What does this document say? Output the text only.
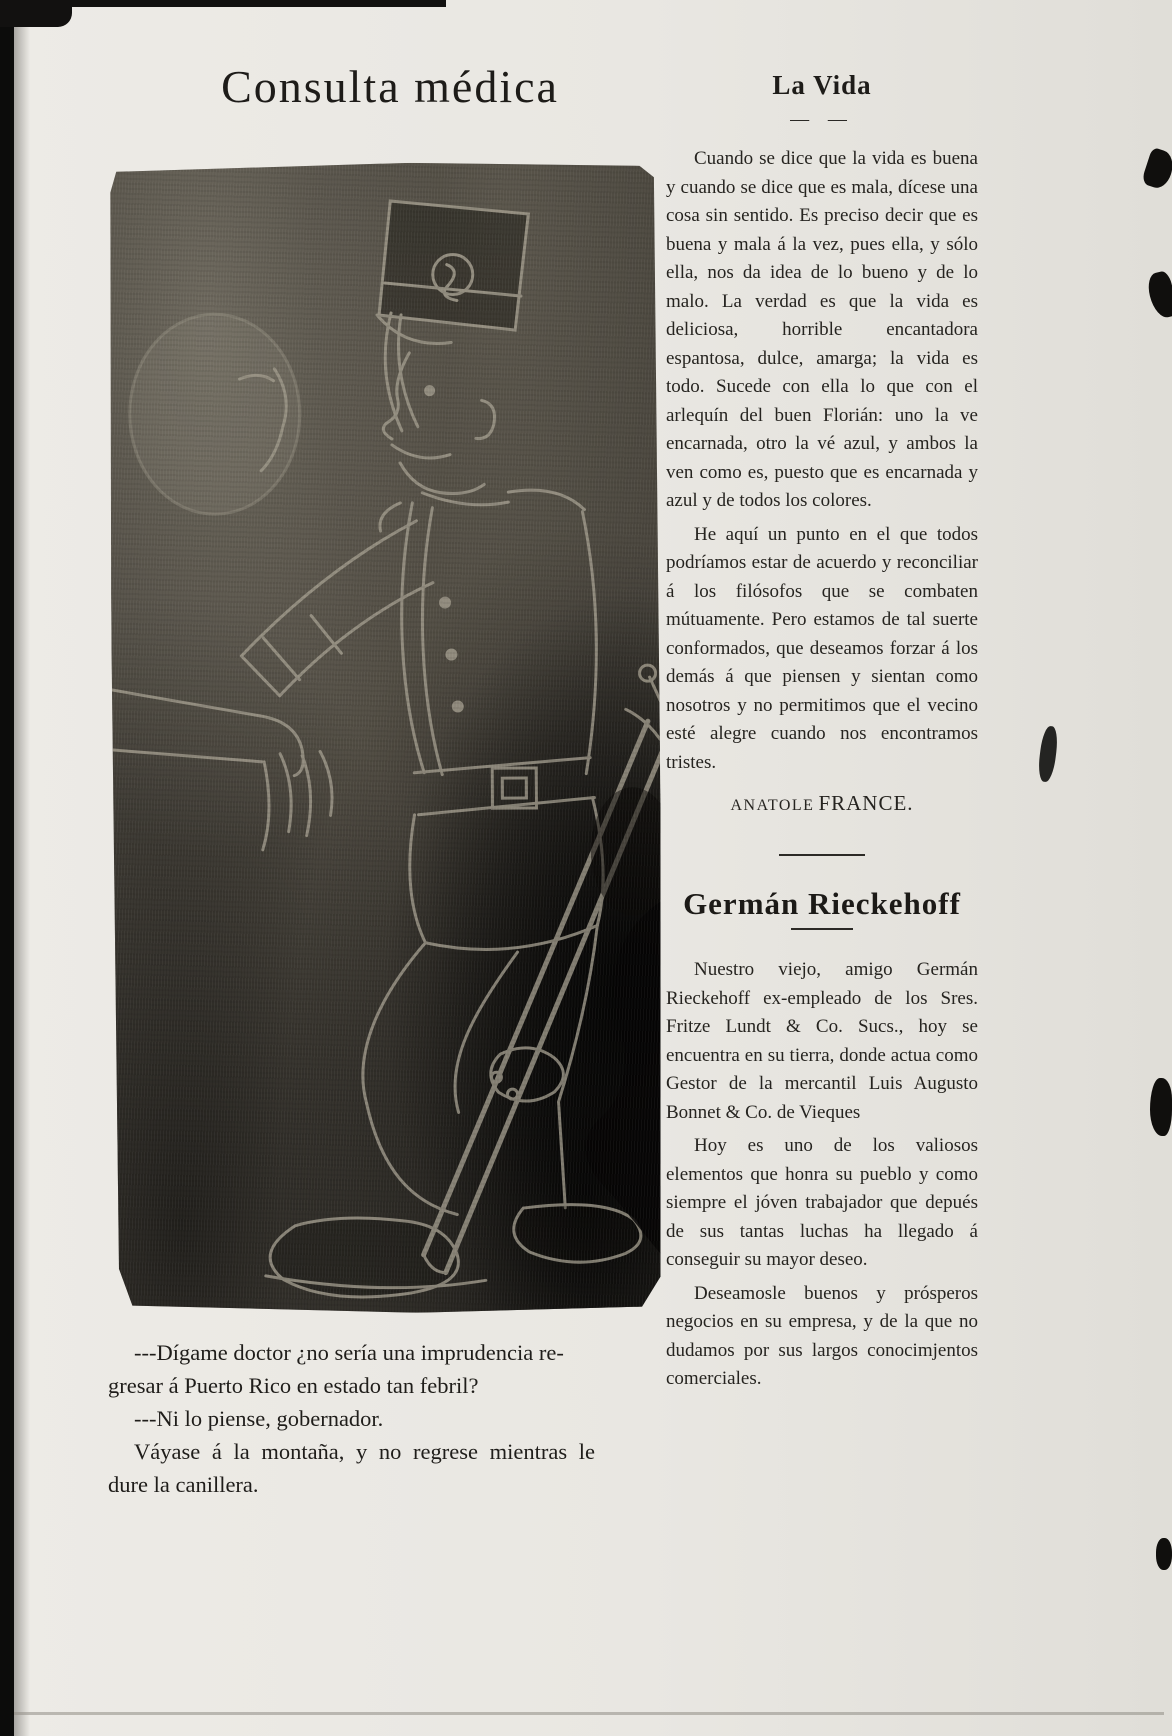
Consulta médica
---Dígame doctor ¿no sería una imprudencia re-
gresar á Puerto Rico en estado tan febril?
---Ni lo piense, gobernador.
Váyase á la montaña, y no regrese mientras le
dure la canillera.
La Vida
— —

Cuando se dice que la vida es buena y cuando se dice que es mala, dícese una cosa sin sentido. Es preciso decir que es buena y mala á la vez, pues ella, y sólo ella, nos da idea de lo bueno y de lo malo. La verdad es que la vida es deliciosa, horrible encantadora espantosa, dulce, amarga; la vida es todo. Sucede con ella lo que con el arlequín del buen Florián: uno la ve encarnada, otro la vé azul, y ambos la ven como es, puesto que es encarnada y azul y de todos los colores.

He aquí un punto en el que todos podríamos estar de acuerdo y reconciliar á los filósofos que se combaten mútuamente. Pero estamos de tal suerte conformados, que deseamos forzar á los demás á que piensen y sientan como nosotros y no permitimos que el vecino esté alegre cuando nos encontramos tristes.

ANATOLE FRANCE.
Germán Rieckehoff

Nuestro viejo, amigo Germán Rieckehoff ex-empleado de los Sres. Fritze Lundt & Co. Sucs., hoy se encuentra en su tierra, donde actua como Gestor de la mercantil Luis Augusto Bonnet & Co. de Vieques

Hoy es uno de los valiosos elementos que honra su pueblo y como siempre el jóven trabajador que depués de sus tantas luchas ha llegado á conseguir su mayor deseo.

Deseamosle buenos y prósperos negocios en su empresa, y de la que no dudamos por sus largos conocimjentos comerciales.
